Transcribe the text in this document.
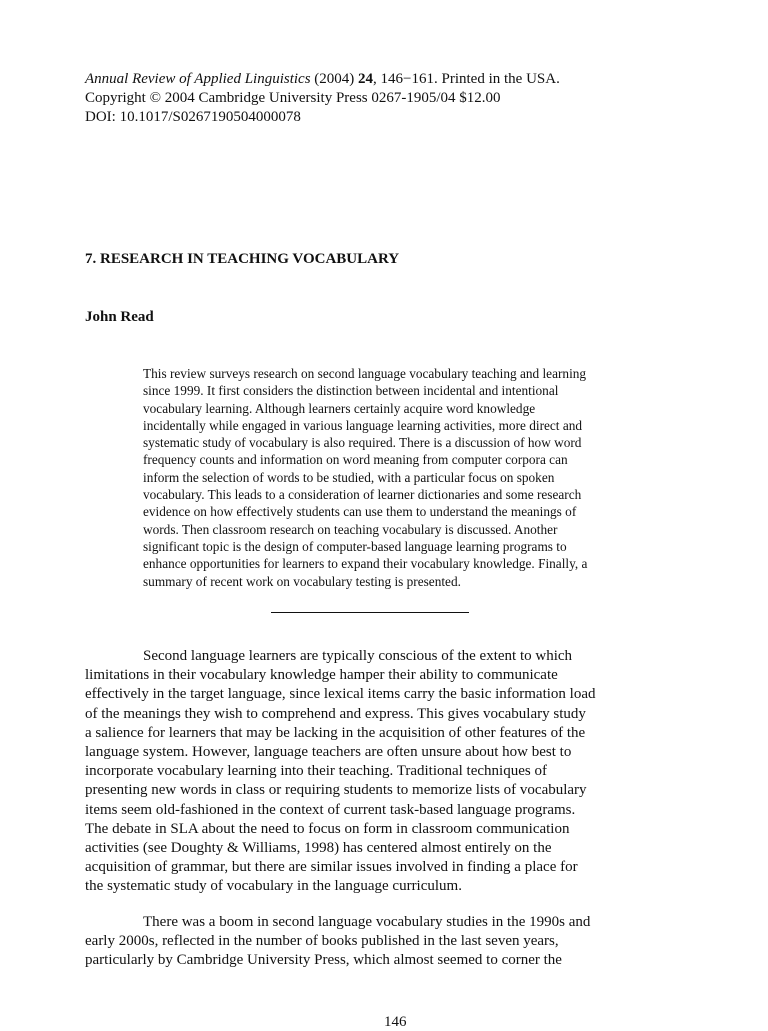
Annual Review of Applied Linguistics (2004) 24, 146−161. Printed in the USA.
Copyright © 2004 Cambridge University Press 0267-1905/04 $12.00
DOI: 10.1017/S0267190504000078
7. RESEARCH IN TEACHING VOCABULARY
John Read
This review surveys research on second language vocabulary teaching and learning
since 1999. It first considers the distinction between incidental and intentional
vocabulary learning. Although learners certainly acquire word knowledge
incidentally while engaged in various language learning activities, more direct and
systematic study of vocabulary is also required. There is a discussion of how word
frequency counts and information on word meaning from computer corpora can
inform the selection of words to be studied, with a particular focus on spoken
vocabulary. This leads to a consideration of learner dictionaries and some research
evidence on how effectively students can use them to understand the meanings of
words. Then classroom research on teaching vocabulary is discussed. Another
significant topic is the design of computer-based language learning programs to
enhance opportunities for learners to expand their vocabulary knowledge. Finally, a
summary of recent work on vocabulary testing is presented.
Second language learners are typically conscious of the extent to which
limitations in their vocabulary knowledge hamper their ability to communicate
effectively in the target language, since lexical items carry the basic information load
of the meanings they wish to comprehend and express. This gives vocabulary study
a salience for learners that may be lacking in the acquisition of other features of the
language system. However, language teachers are often unsure about how best to
incorporate vocabulary learning into their teaching. Traditional techniques of
presenting new words in class or requiring students to memorize lists of vocabulary
items seem old-fashioned in the context of current task-based language programs.
The debate in SLA about the need to focus on form in classroom communication
activities (see Doughty & Williams, 1998) has centered almost entirely on the
acquisition of grammar, but there are similar issues involved in finding a place for
the systematic study of vocabulary in the language curriculum.
There was a boom in second language vocabulary studies in the 1990s and
early 2000s, reflected in the number of books published in the last seven years,
particularly by Cambridge University Press, which almost seemed to corner the
146
